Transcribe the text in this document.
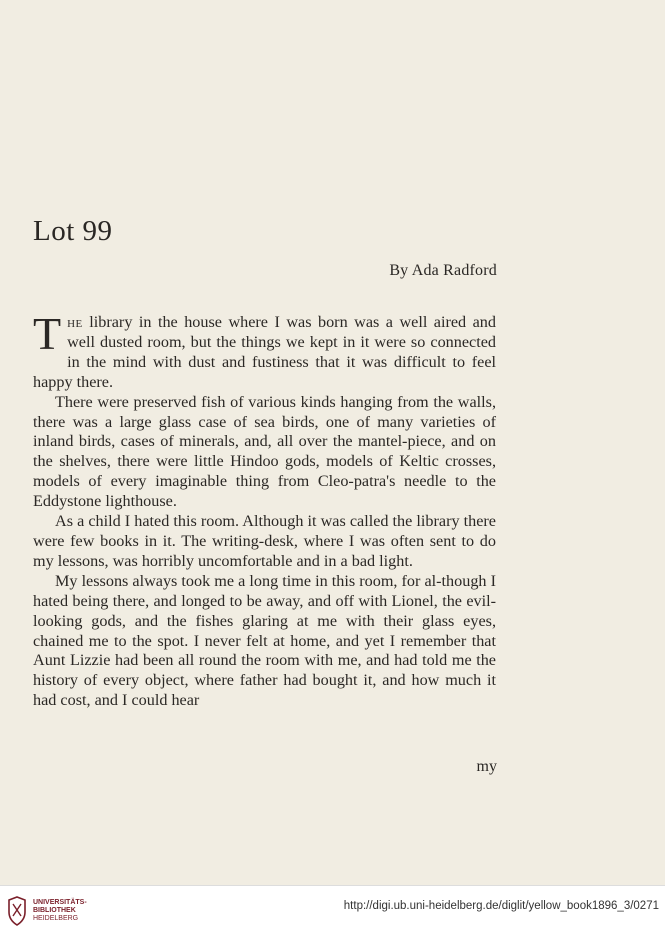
Lot 99
By Ada Radford

The library in the house where I was born was a well aired and well dusted room, but the things we kept in it were so connected in the mind with dust and fustiness that it was difficult to feel happy there.

There were preserved fish of various kinds hanging from the walls, there was a large glass case of sea birds, one of many varieties of inland birds, cases of minerals, and, all over the mantel-piece, and on the shelves, there were little Hindoo gods, models of Keltic crosses, models of every imaginable thing from Cleo-patra's needle to the Eddystone lighthouse.

As a child I hated this room. Although it was called the library there were few books in it. The writing-desk, where I was often sent to do my lessons, was horribly uncomfortable and in a bad light.

My lessons always took me a long time in this room, for al-though I hated being there, and longed to be away, and off with Lionel, the evil-looking gods, and the fishes glaring at me with their glass eyes, chained me to the spot. I never felt at home, and yet I remember that Aunt Lizzie had been all round the room with me, and had told me the history of every object, where father had bought it, and how much it had cost, and I could hear

my
UNIVERSITÄTS-
BIBLIOTHEK
HEIDELBERG
http://digi.ub.uni-heidelberg.de/diglit/yellow_book1896_3/0271
